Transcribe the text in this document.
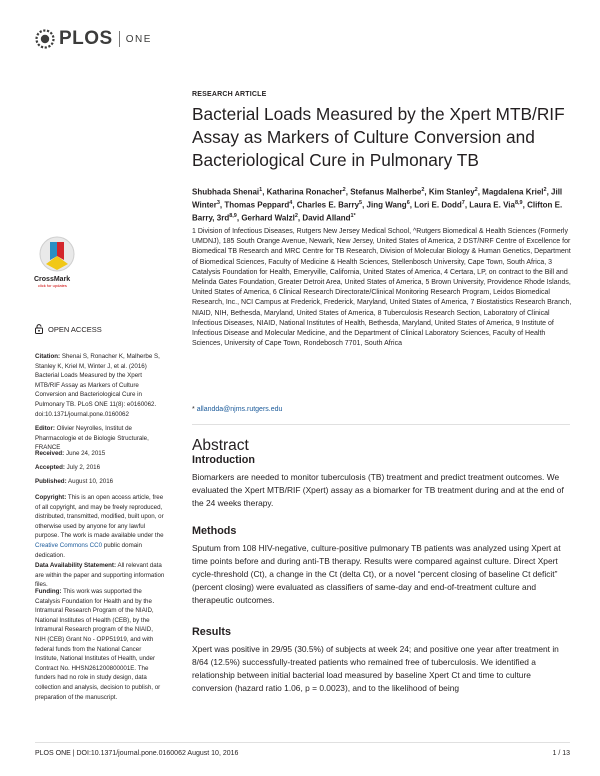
PLOS ONE
RESEARCH ARTICLE
Bacterial Loads Measured by the Xpert MTB/RIF Assay as Markers of Culture Conversion and Bacteriological Cure in Pulmonary TB

Shubhada Shenai$^1$, Katharina Ronacher$^2$, Stefanus Malherbe$^2$, Kim Stanley$^2$, Magdalena Kriel$^2$, Jill Winter$^3$, Thomas Peppard$^4$, Charles E. Barry$^5$, Jing Wang$^6$, Lori E. Dodd$^7$, Laura E. Via$^{8,9}$, Clifton E. Barry, 3rd$^{8,9}$, Gerhard Walzl$^2$, David Alland$^{1*}$

1 Division of Infectious Diseases, Rutgers New Jersey Medical School, ^Rutgers Biomedical & Health Sciences (Formerly UMDNJ), 185 South Orange Avenue, Newark, New Jersey, United States of America, 2 DST/NRF Centre of Excellence for Biomedical TB Research and MRC Centre for TB Research, Division of Molecular Biology & Human Genetics, Department of Biomedical Sciences, Faculty of Medicine & Health Sciences, Stellenbosch University, Cape Town, South Africa, 3 Catalysis Foundation for Health, Emeryville, California, United States of America, 4 Certara, LP, on contract to the Bill and Melinda Gates Foundation, Greater Detroit Area, United States of America, 5 Brown University, Providence Rhode Islands, United States of America, 6 Clinical Research Directorate/Clinical Monitoring Research Program, Leidos Biomedical Research, Inc., NCI Campus at Frederick, Frederick, Maryland, United States of America, 7 Biostatistics Research Branch, NIAID, NIH, Bethesda, Maryland, United States of America, 8 Tuberculosis Research Section, Laboratory of Clinical Infectious Diseases, NIAID, National Institutes of Health, Bethesda, Maryland, United States of America, 9 Institute of Infectious Disease and Molecular Medicine, and the Department of Clinical Laboratory Sciences, Faculty of Health Sciences, University of Cape Town, Rondebosch 7701, South Africa

* allandda@njms.rutgers.edu
Abstract
Introduction

Biomarkers are needed to monitor tuberculosis (TB) treatment and predict treatment outcomes. We evaluated the Xpert MTB/RIF (Xpert) assay as a biomarker for TB treatment during and at the end of the 24 weeks therapy.

Methods

Sputum from 108 HIV-negative, culture-positive pulmonary TB patients was analyzed using Xpert at time points before and during anti-TB therapy. Results were compared against culture. Direct Xpert cycle-threshold (Ct), a change in the Ct (delta Ct), or a novel “percent closing of baseline Ct deficit” (percent closing) were evaluated as classifiers of same-day and end-of-treatment culture and therapeutic outcomes.

Results

Xpert was positive in 29/95 (30.5%) of subjects at week 24; and positive one year after treatment in 8/64 (12.5%) successfully-treated patients who remained free of tuberculosis. We identified a relationship between initial bacterial load measured by baseline Xpert Ct and time to culture conversion (hazard ratio 1.06, p = 0.0023), and to the likelihood of being

CrossMark
click for updates
OPEN ACCESS

Citation: Shenai S, Ronacher K, Malherbe S, Stanley K, Kriel M, Winter J, et al. (2016) Bacterial Loads Measured by the Xpert MTB/RIF Assay as Markers of Culture Conversion and Bacteriological Cure in Pulmonary TB. PLoS ONE 11(8): e0160062. doi:10.1371/journal.pone.0160062

Editor: Olivier Neyrolles, Institut de Pharmacologie et de Biologie Structurale, FRANCE

Received: June 24, 2015

Accepted: July 2, 2016

Published: August 10, 2016

Copyright: This is an open access article, free of all copyright, and may be freely reproduced, distributed, transmitted, modified, built upon, or otherwise used by anyone for any lawful purpose. The work is made available under the Creative Commons CC0 public domain dedication.

Data Availability Statement: All relevant data are within the paper and supporting information files.

Funding: This work was supported the Catalysis Foundation for Health and by the Intramural Research Program of the NIAID, National Institutes of Health (CEB), by the Intramural Research program of the NIAID, NIH (CEB) Grant No - OPP51919, and with federal funds from the National Cancer Institute, National Institutes of Health, under Contract No. HHSN261200800001E. The funders had no role in study design, data collection and analysis, decision to publish, or preparation of the manuscript.

PLOS ONE | DOI:10.1371/journal.pone.0160062 August 10, 2016	1 / 13
